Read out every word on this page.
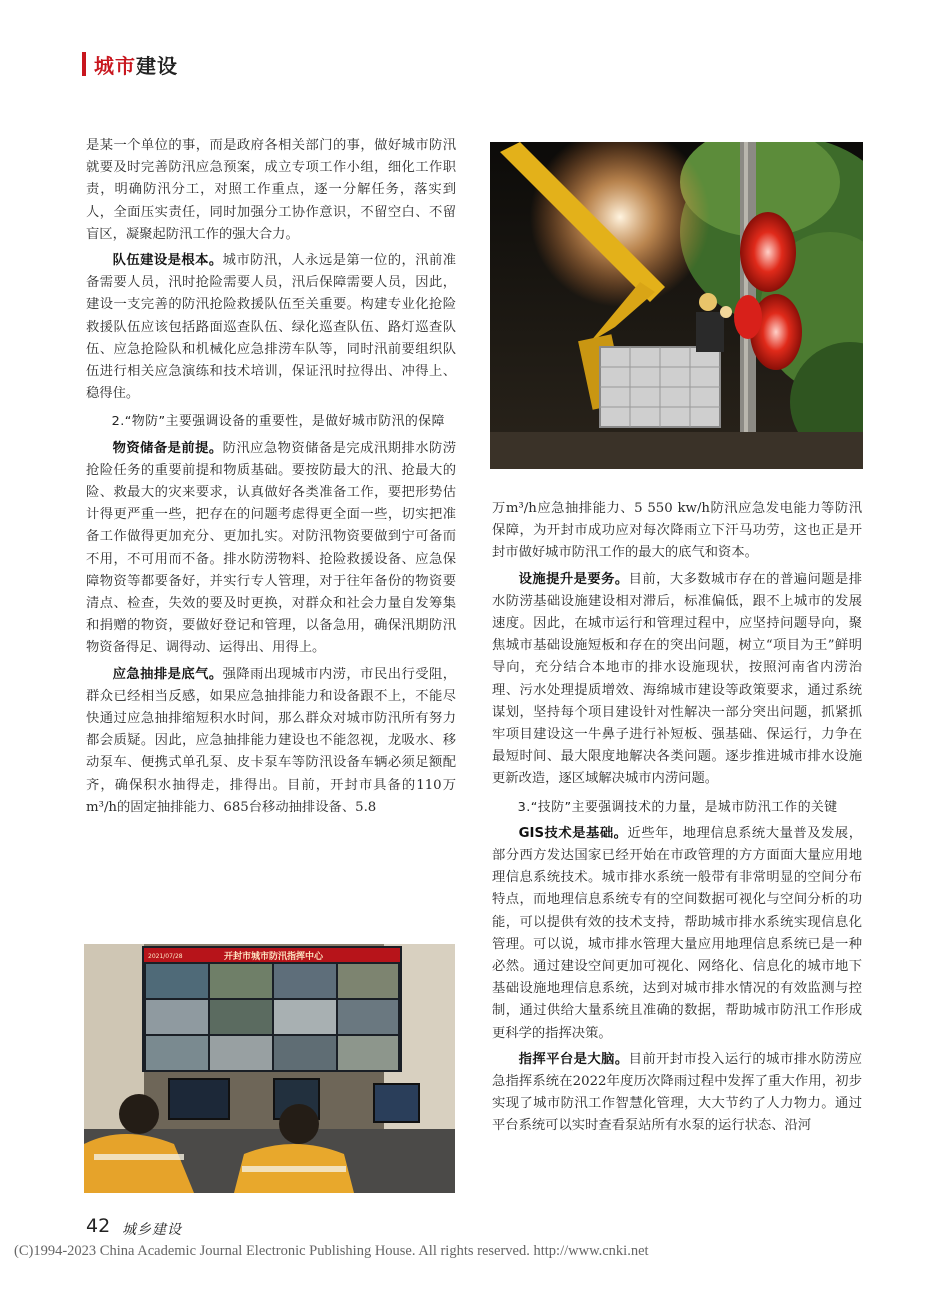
城市建设

是某一个单位的事，而是政府各相关部门的事，做好城市防汛就要及时完善防汛应急预案，成立专项工作小组，细化工作职责，明确防汛分工，对照工作重点，逐一分解任务，落实到人，全面压实责任，同时加强分工协作意识，不留空白、不留盲区，凝聚起防汛工作的强大合力。

队伍建设是根本。城市防汛，人永远是第一位的，汛前准备需要人员，汛时抢险需要人员，汛后保障需要人员，因此，建设一支完善的防汛抢险救援队伍至关重要。构建专业化抢险救援队伍应该包括路面巡查队伍、绿化巡查队伍、路灯巡查队伍、应急抢险队和机械化应急排涝车队等，同时汛前要组织队伍进行相关应急演练和技术培训，保证汛时拉得出、冲得上、稳得住。

2.“物防”主要强调设备的重要性，是做好城市防汛的保障

物资储备是前提。防汛应急物资储备是完成汛期排水防涝抢险任务的重要前提和物质基础。要按防最大的汛、抢最大的险、救最大的灾来要求，认真做好各类准备工作，要把形势估计得更严重一些，把存在的问题考虑得更全面一些，切实把准备工作做得更加充分、更加扎实。对防汛物资要做到宁可备而不用，不可用而不备。排水防涝物料、抢险救援设备、应急保障物资等都要备好，并实行专人管理，对于往年备份的物资要清点、检查，失效的要及时更换，对群众和社会力量自发筹集和捐赠的物资，要做好登记和管理，以备急用，确保汛期防汛物资备得足、调得动、运得出、用得上。

应急抽排是底气。强降雨出现城市内涝，市民出行受阻，群众已经相当反感，如果应急抽排能力和设备跟不上，不能尽快通过应急抽排缩短积水时间，那么群众对城市防汛所有努力都会质疑。因此，应急抽排能力建设也不能忽视，龙吸水、移动泵车、便携式单孔泵、皮卡泵车等防汛设备车辆必须足额配齐，确保积水抽得走，排得出。目前，开封市具备的110万m³/h的固定抽排能力、685台移动抽排设备、5.8

万m³/h应急抽排能力、5 550 kw/h防汛应急发电能力等防汛保障，为开封市成功应对每次降雨立下汗马功劳，这也正是开封市做好城市防汛工作的最大的底气和资本。

设施提升是要务。目前，大多数城市存在的普遍问题是排水防涝基础设施建设相对滞后，标准偏低，跟不上城市的发展速度。因此，在城市运行和管理过程中，应坚持问题导向，聚焦城市基础设施短板和存在的突出问题，树立“项目为王”鲜明导向，充分结合本地市的排水设施现状，按照河南省内涝治理、污水处理提质增效、海绵城市建设等政策要求，通过系统谋划，坚持每个项目建设针对性解决一部分突出问题，抓紧抓牢项目建设这一牛鼻子进行补短板、强基础、保运行，力争在最短时间、最大限度地解决各类问题。逐步推进城市排水设施更新改造，逐区域解决城市内涝问题。

3.“技防”主要强调技术的力量，是城市防汛工作的关键

GIS技术是基础。近些年，地理信息系统大量普及发展，部分西方发达国家已经开始在市政管理的方方面面大量应用地理信息系统技术。城市排水系统一般带有非常明显的空间分布特点，而地理信息系统专有的空间数据可视化与空间分析的功能，可以提供有效的技术支持，帮助城市排水系统实现信息化管理。可以说，城市排水管理大量应用地理信息系统已是一种必然。通过建设空间更加可视化、网络化、信息化的城市地下基础设施地理信息系统，达到对城市排水情况的有效监测与控制，通过供给大量系统且准确的数据，帮助城市防汛工作形成更科学的指挥决策。

指挥平台是大脑。目前开封市投入运行的城市排水防涝应急指挥系统在2022年度历次降雨过程中发挥了重大作用，初步实现了城市防汛工作智慧化管理，大大节约了人力物力。通过平台系统可以实时查看泵站所有水泵的运行状态、沿河

2021/07/28	开封市城市防汛指挥中心
42 城乡建设
(C)1994-2023 China Academic Journal Electronic Publishing House. All rights reserved. http://www.cnki.net
